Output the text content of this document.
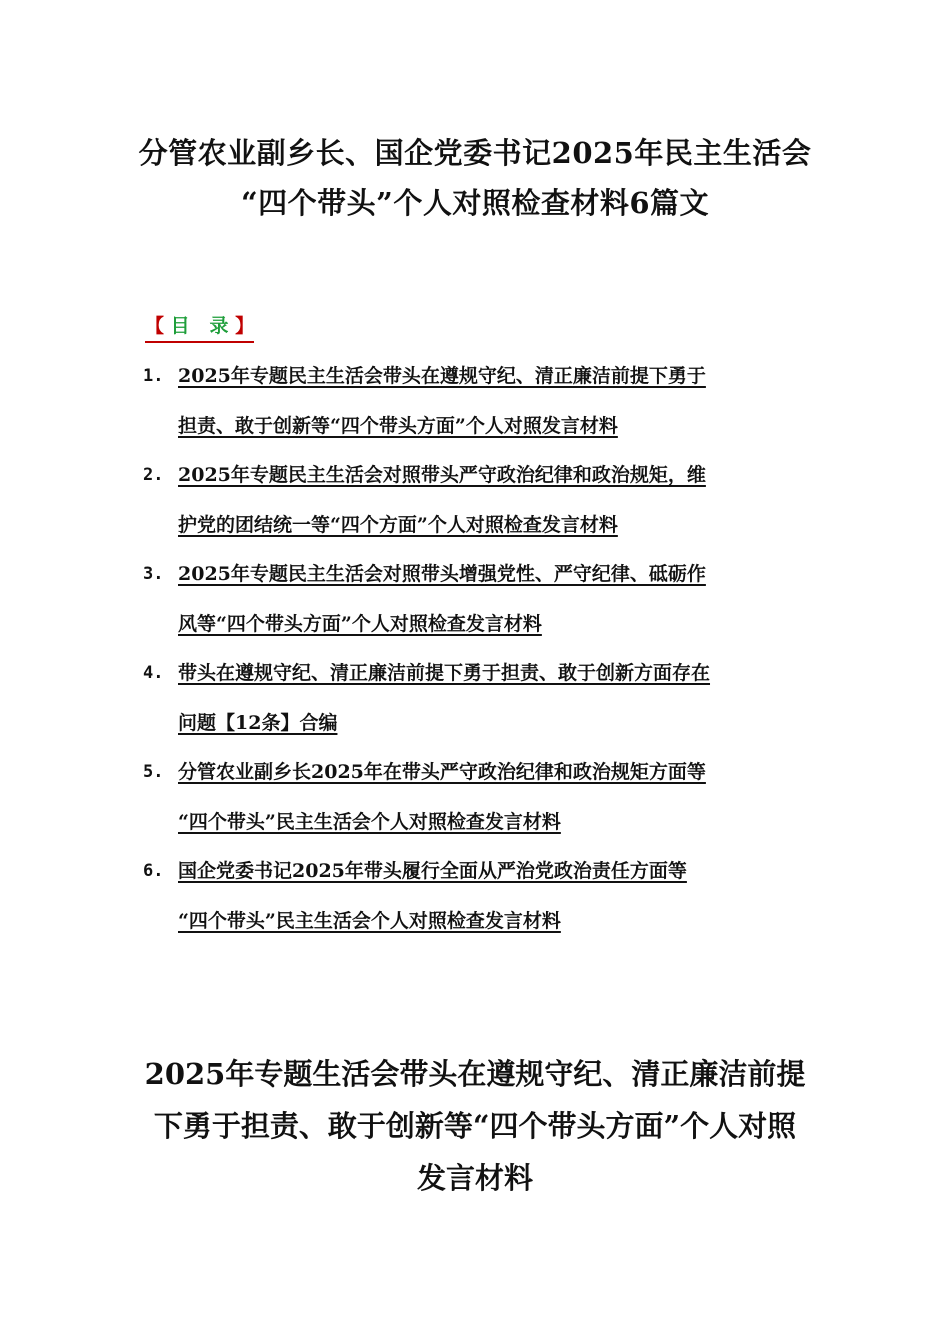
分管农业副乡长、国企党委书记2025年民主生活会
“四个带头”个人对照检查材料6篇文
【 目 录 】
1. 2025年专题民主生活会带头在遵规守纪、清正廉洁前提下勇于
担责、敢于创新等“四个带头方面”个人对照发言材料
2. 2025年专题民主生活会对照带头严守政治纪律和政治规矩，维
护党的团结统一等“四个方面”个人对照检查发言材料
3. 2025年专题民主生活会对照带头增强党性、严守纪律、砥砺作
风等“四个带头方面”个人对照检查发言材料
4. 带头在遵规守纪、清正廉洁前提下勇于担责、敢于创新方面存在
问题【12条】合编
5. 分管农业副乡长2025年在带头严守政治纪律和政治规矩方面等
“四个带头”民主生活会个人对照检查发言材料
6. 国企党委书记2025年带头履行全面从严治党政治责任方面等
“四个带头”民主生活会个人对照检查发言材料
2025年专题生活会带头在遵规守纪、清正廉洁前提
下勇于担责、敢于创新等“四个带头方面”个人对照
发言材料
